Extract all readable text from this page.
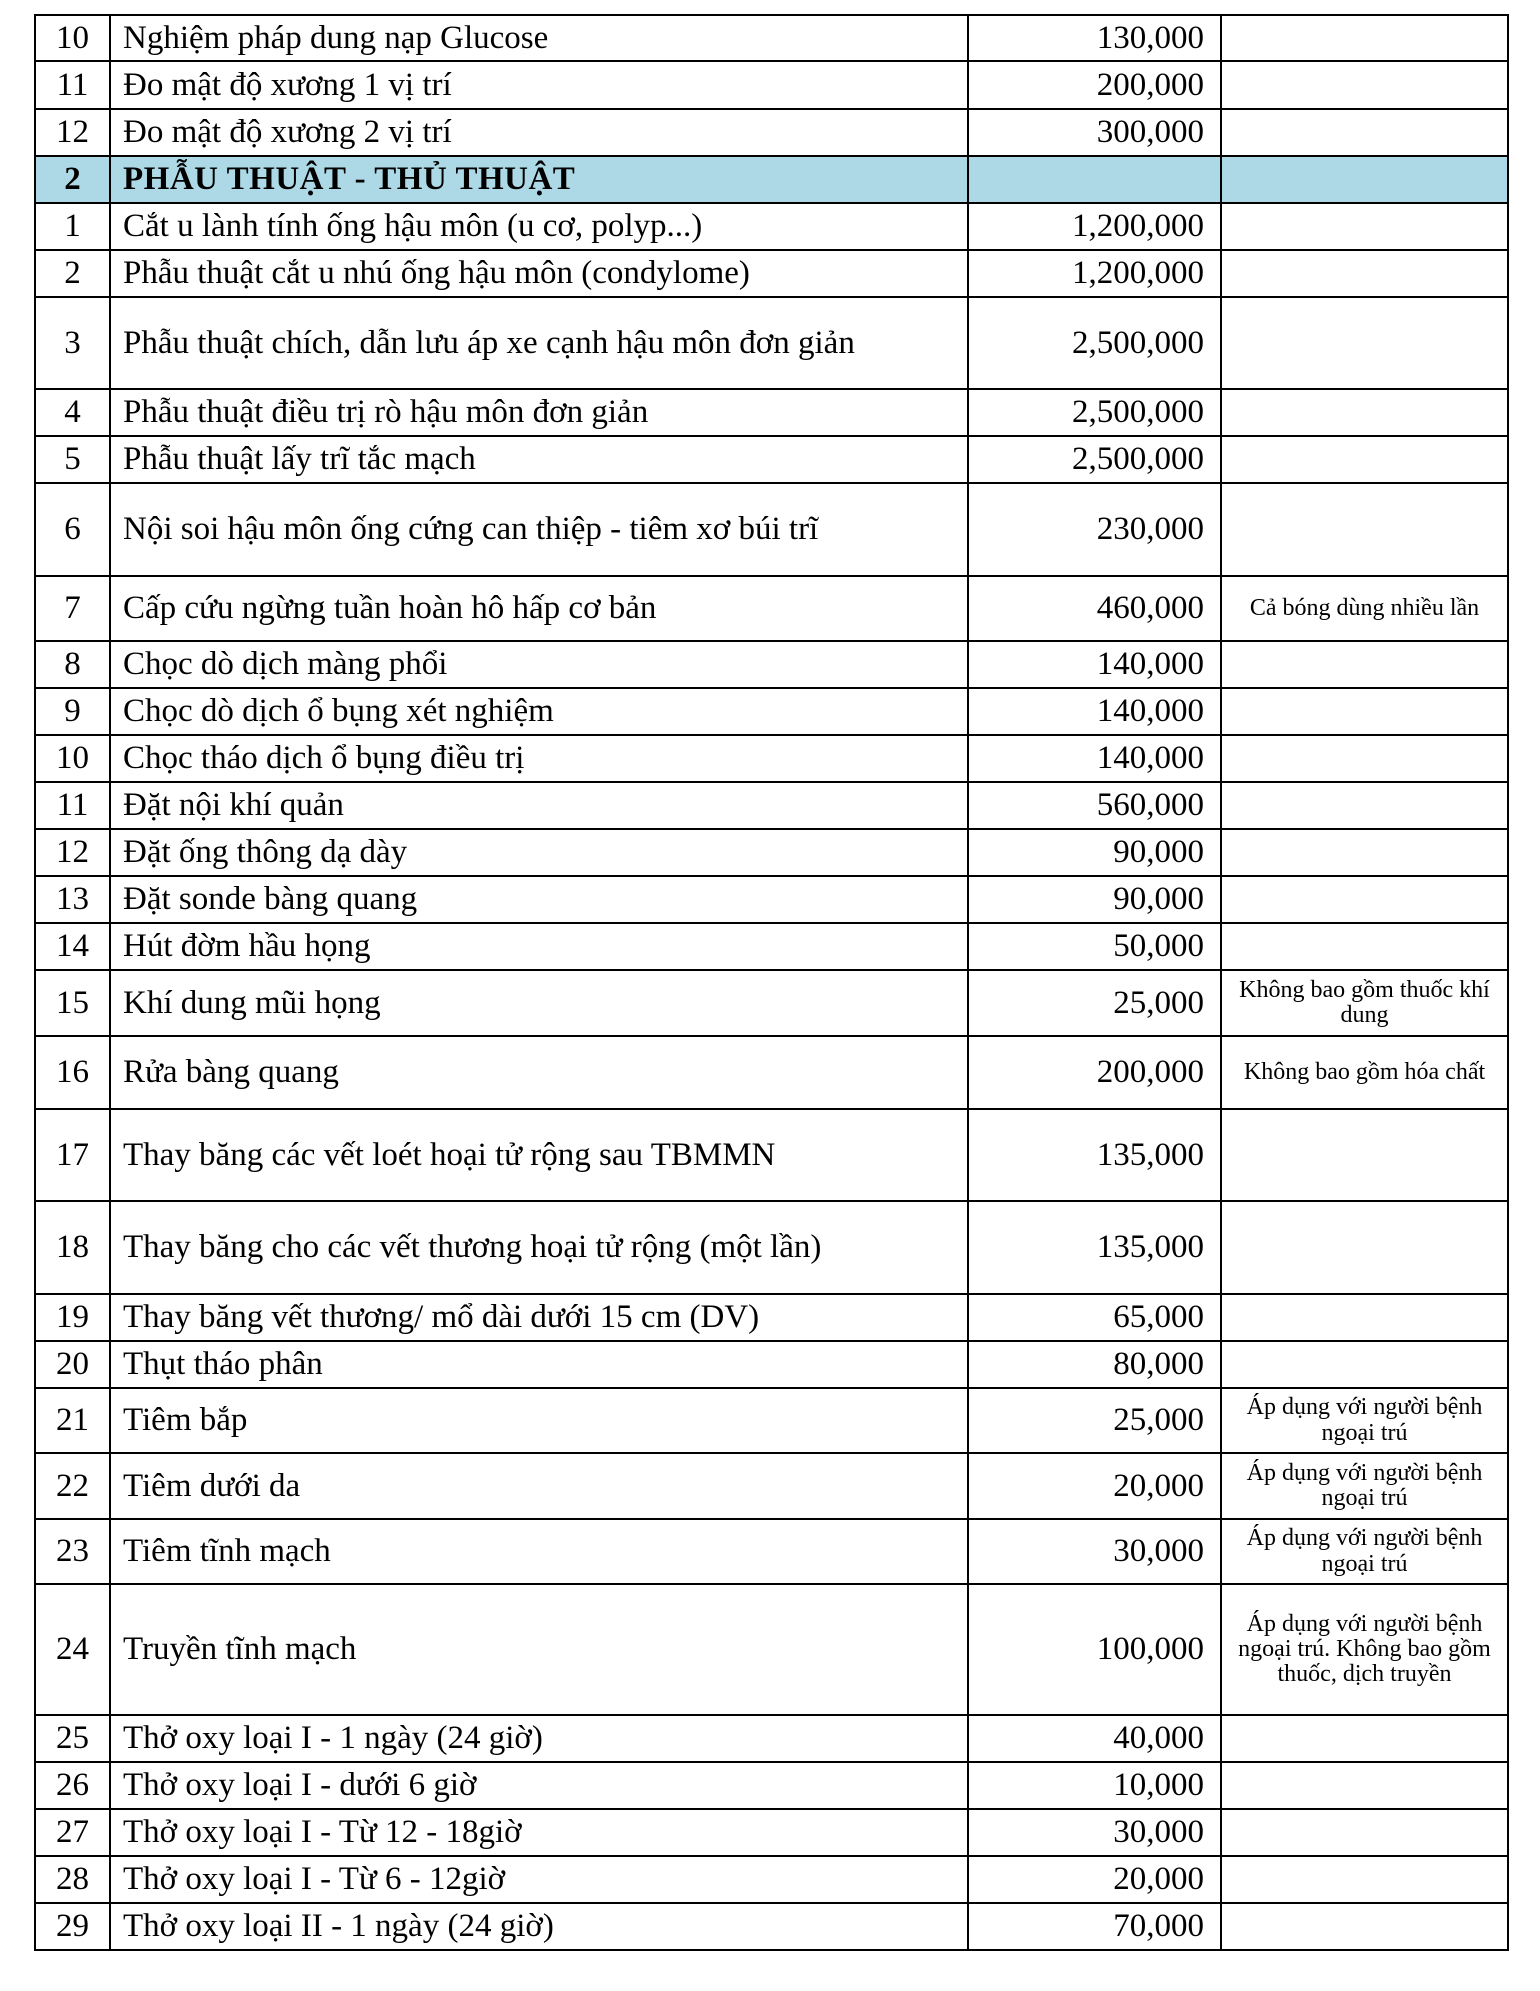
10	Nghiệm pháp dung nạp Glucose	130,000	
11	Đo mật độ xương 1 vị trí	200,000	
12	Đo mật độ xương 2 vị trí	300,000	
2	PHẪU THUẬT - THỦ THUẬT		
1	Cắt u lành tính ống hậu môn (u cơ, polyp...)	1,200,000	
2	Phẫu thuật cắt u nhú ống hậu môn (condylome)	1,200,000	
3	Phẫu thuật chích, dẫn lưu áp xe cạnh hậu môn đơn giản	2,500,000	
4	Phẫu thuật điều trị rò hậu môn đơn giản	2,500,000	
5	Phẫu thuật lấy trĩ tắc mạch	2,500,000	
6	Nội soi hậu môn ống cứng can thiệp - tiêm xơ búi trĩ	230,000	
7	Cấp cứu ngừng tuần hoàn hô hấp cơ bản	460,000	Cả bóng dùng nhiều lần
8	Chọc dò dịch màng phổi	140,000	
9	Chọc dò dịch ổ bụng xét nghiệm	140,000	
10	Chọc tháo dịch ổ bụng điều trị	140,000	
11	Đặt nội khí quản	560,000	
12	Đặt ống thông dạ dày	90,000	
13	Đặt sonde bàng quang	90,000	
14	Hút đờm hầu họng	50,000	
15	Khí dung mũi họng	25,000	Không bao gồm thuốc khí dung
16	Rửa bàng quang	200,000	Không bao gồm hóa chất
17	Thay băng các vết loét hoại tử rộng sau TBMMN	135,000	
18	Thay băng cho các vết thương hoại tử rộng (một lần)	135,000	
19	Thay băng vết thương/ mổ dài dưới 15 cm (DV)	65,000	
20	Thụt tháo phân	80,000	
21	Tiêm bắp	25,000	Áp dụng với người bệnh ngoại trú
22	Tiêm dưới da	20,000	Áp dụng với người bệnh ngoại trú
23	Tiêm tĩnh mạch	30,000	Áp dụng với người bệnh ngoại trú
24	Truyền tĩnh mạch	100,000	Áp dụng với người bệnh ngoại trú. Không bao gồm thuốc, dịch truyền
25	Thở oxy loại I - 1 ngày (24 giờ)	40,000	
26	Thở oxy loại I - dưới 6 giờ	10,000	
27	Thở oxy loại I - Từ 12 - 18giờ	30,000	
28	Thở oxy loại I - Từ 6 - 12giờ	20,000	
29	Thở oxy loại II - 1 ngày (24 giờ)	70,000	
